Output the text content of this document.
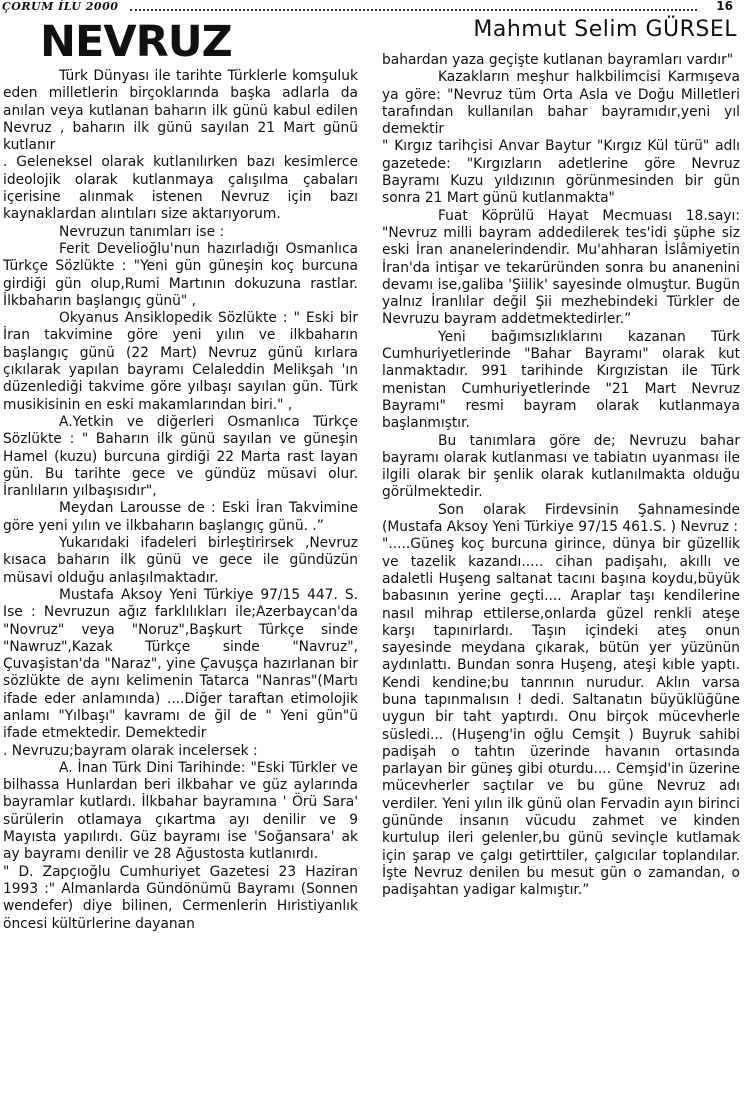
ÇORUM İLU 2000	16
NEVRUZ	Mahmut Selim GÜRSEL

Türk Dünyası ile tarihte Türklerle komşuluk eden milletlerin birçoklarında başka adlarla da anılan veya kutlanan baharın ilk günü kabul edilen Nevruz , baharın ilk günü sayılan 21 Mart günü kutlanır

. Geleneksel olarak kutlanılırken bazı kesimlerce ideolojik olarak kutlanmaya çalışılma çabaları içerisine alınmak istenen Nevruz için bazı kaynaklardan alıntıları size aktarıyorum.

Nevruzun tanımları ise :

Ferit Develioğlu'nun hazırladığı Osmanlıca Türkçe Sözlükte : "Yeni gün güneşin koç burcuna girdiği gün olup,Rumi Martının dokuzuna rastlar. İlkbaharın başlangıç günü" ,

Okyanus Ansiklopedik Sözlükte : " Eski bir İran takvimine göre yeni yılın ve ilkbaharın başlangıç günü (22 Mart) Nevruz günü kırlara çıkılarak yapılan bayramı Celaleddin Melikşah 'ın düzenlediği takvime göre yılbaşı sayılan gün. Türk musikisinin en eski makamlarından biri." ,

A.Yetkin ve diğerleri Osmanlıca Türkçe Sözlükte : " Baharın ilk günü sayılan ve güneşin Hamel (kuzu) burcuna girdiği 22 Marta rast layan gün. Bu tarihte gece ve gündüz müsavi olur. İranlıların yılbaşısıdır",

Meydan Larousse de : Eski İran Takvimine göre yeni yılın ve ilkbaharın başlangıç günü. .”

Yukarıdaki ifadeleri birleştirirsek ,Nevruz kısaca baharın ilk günü ve gece ile gündüzün müsavi olduğu anlaşılmaktadır.

Mustafa Aksoy Yeni Türkiye 97/15 447. S. Ise : Nevruzun ağız farklılıkları ile;Azerbaycan'da "Novruz" veya "Noruz",Başkurt Türkçe sinde "Nawruz",Kazak Türkçe sinde "Navruz", Çuvaşistan'da "Naraz", yine Çavuşça hazırlanan bir sözlükte de aynı kelimenin Tatarca "Nanras"(Martı ifade eder anlamında) ....Diğer taraftan etimolojik anlamı "Yılbaşı" kavramı de ğil de " Yeni gün"ü ifade etmektedir. Demektedir

. Nevruzu;bayram olarak incelersek :

A. İnan Türk Dini Tarihinde: "Eski Türkler ve bilhassa Hunlardan beri ilkbahar ve güz aylarında bayramlar kutlardı. İlkbahar bayramına ' Örü Sara' sürülerin otlamaya çıkartma ayı denilir ve 9 Mayısta yapılırdı. Güz bayramı ise 'Soğansara' ak ay bayramı denilir ve 28 Ağustosta kutlanırdı.

" D. Zapçıoğlu Cumhuriyet Gazetesi 23 Haziran 1993 :" Almanlarda Gündönümü Bayramı (Sonnen wendefer) diye bilinen, Cermenlerin Hıristiyanlık öncesi kültürlerine dayanan

bahardan yaza geçişte kutlanan bayramları vardır"

Kazakların meşhur halkbilimcisi Karmışeva ya göre: "Nevruz tüm Orta Asla ve Doğu Milletleri tarafından kullanılan bahar bayramıdır,yeni yıl demektir

" Kırgız tarihçisi Anvar Baytur "Kırgız Kül türü" adlı gazetede: "Kırgızların adetlerine göre Nevruz Bayramı Kuzu yıldızının görünmesinden bir gün sonra 21 Mart günü kutlanmakta"

Fuat Köprülü Hayat Mecmuası 18.sayı: "Nevruz milli bayram addedilerek tes'idi şüphe siz eski İran ananelerindendir. Mu'ahharan İslâmiyetin İran'da intişar ve tekarüründen sonra bu ananenini devamı ise,galiba 'Şiilik' sayesinde olmuştur. Bugün yalnız İranlılar değil Şii mezhebindeki Türkler de Nevruzu bayram addetmektedirler.”

Yeni bağımsızlıklarını kazanan Türk Cumhuriyetlerinde "Bahar Bayramı" olarak kut lanmaktadır. 991 tarihinde Kırgızistan ile Türk menistan Cumhuriyetlerinde "21 Mart Nevruz Bayramı" resmi bayram olarak kutlanmaya başlanmıştır.

Bu tanımlara göre de; Nevruzu bahar bayramı olarak kutlanması ve tabiatın uyanması ile ilgili olarak bir şenlik olarak kutlanılmakta olduğu görülmektedir.

Son olarak Firdevsinin Şahnamesinde (Mustafa Aksoy Yeni Türkiye 97/15 461.S. ) Nevruz :

".....Güneş koç burcuna girince, dünya bir güzellik ve tazelik kazandı..... cihan padişahı, akıllı ve adaletli Huşeng saltanat tacını başına koydu,büyük babasının yerine geçti.... Araplar taşı kendilerine nasıl mihrap ettilerse,onlarda güzel renkli ateşe karşı tapınırlardı. Taşın içindeki ateş onun sayesinde meydana çıkarak, bütün yer yüzünün aydınlattı. Bundan sonra Huşeng, ateşi kıble yaptı. Kendi kendine;bu tanrının nurudur. Aklın varsa buna tapınmalısın ! dedi. Saltanatın büyüklüğüne uygun bir taht yaptırdı. Onu birçok mücevherle süsledi... (Huşeng'in oğlu Cemşit ) Buyruk sahibi padişah o tahtın üzerinde havanın ortasında parlayan bir güneş gibi oturdu.... Cemşid'in üzerine mücevherler saçtılar ve bu güne Nevruz adı verdiler. Yeni yılın ilk günü olan Fervadin ayın birinci gününde insanın vücudu zahmet ve kinden kurtulup ileri gelenler,bu günü sevinçle kutlamak için şarap ve çalgı getirttiler, çalgıcılar toplandılar. İşte Nevruz denilen bu mesut gün o zamandan, o padişahtan yadigar kalmıştır.”
